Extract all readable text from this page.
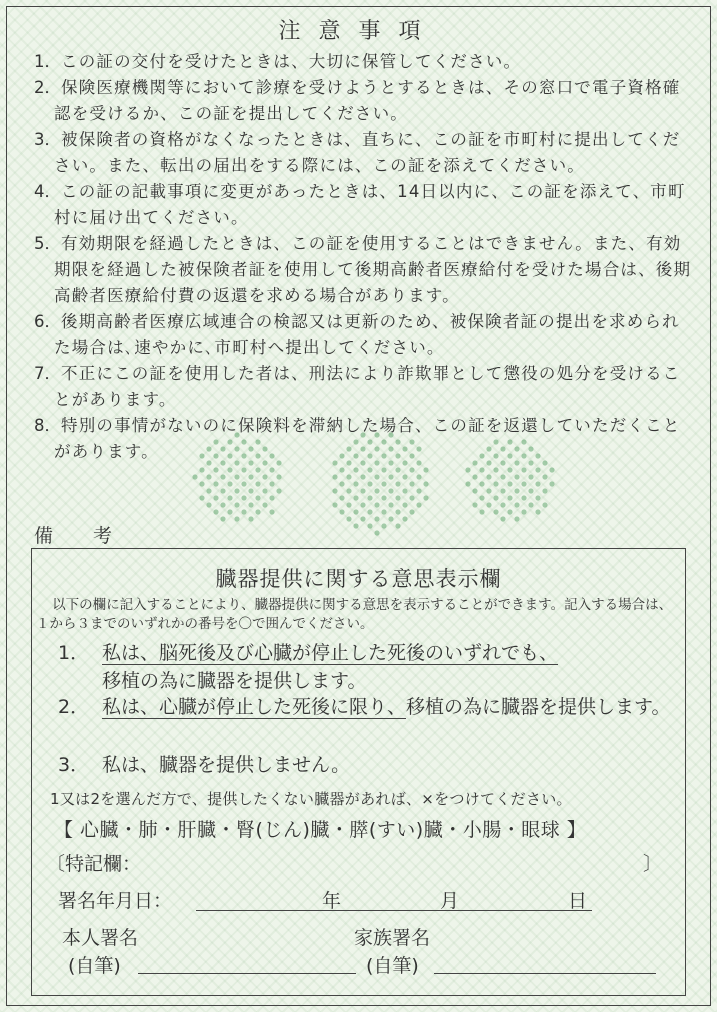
注意事項
1．この証の交付を受けたときは、大切に保管してください。
2．保険医療機関等において診療を受けようとするときは、その窓口で電子資格確認を受けるか、この証を提出してください。
3．被保険者の資格がなくなったときは、直ちに、この証を市町村に提出してください。また、転出の届出をする際には、この証を添えてください。
4．この証の記載事項に変更があったときは、14日以内に、この証を添えて、市町村に届け出てください。
5．有効期限を経過したときは、この証を使用することはできません。また、有効期限を経過した被保険者証を使用して後期高齢者医療給付を受けた場合は、後期高齢者医療給付費の返還を求める場合があります。
6．後期高齢者医療広域連合の検認又は更新のため、被保険者証の提出を求められた場合は､速やかに､市町村へ提出してください。
7．不正にこの証を使用した者は、刑法により詐欺罪として懲役の処分を受けることがあります。
8．特別の事情がないのに保険料を滞納した場合、この証を返還していただくことがあります。
備考
臓器提供に関する意思表示欄
以下の欄に記入することにより、臓器提供に関する意思を表示することができます。記入する場合は、１から３までのいずれかの番号を〇で囲んでください。
1． 私は、脳死後及び心臓が停止した死後のいずれでも、
移植の為に臓器を提供します。
2． 私は、心臓が停止した死後に限り、移植の為に臓器を提供します。
3． 私は、臓器を提供しません。
1又は2を選んだ方で、提供したくない臓器があれば、×をつけてください。
【 心臓・肺・肝臓・腎(じん)臓・膵(すい)臓・小腸・眼球 】
〔特記欄：	〕
署名年月日：	年	月	日
本人署名
(自筆)
家族署名
(自筆)
